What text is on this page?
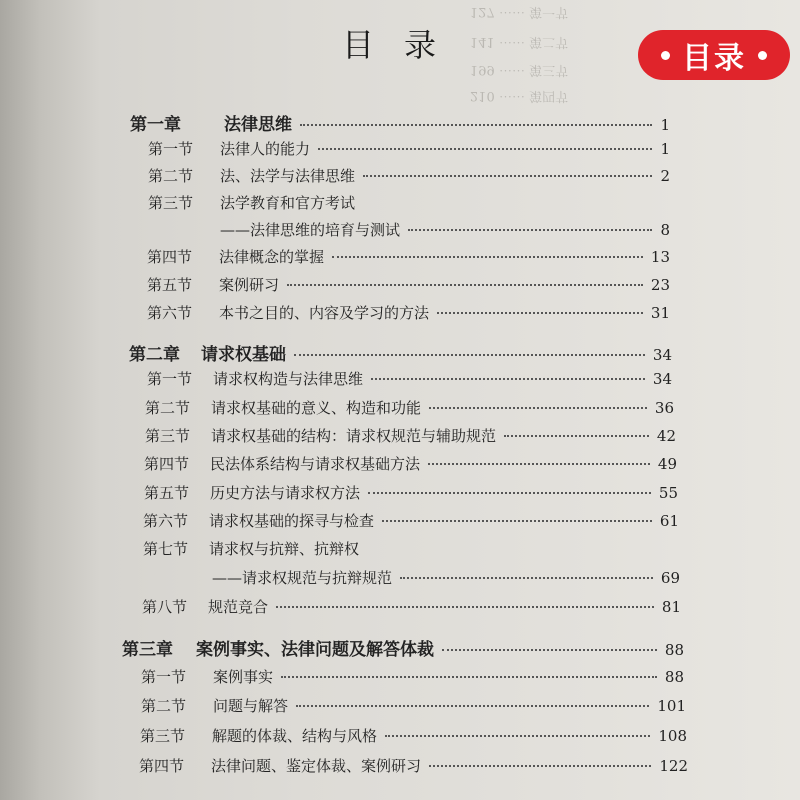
127 ⋯⋯ 第一节
141 ⋯⋯ 第二节
199 ⋯⋯ 第三节
210 ⋯⋯ 第四节
目录	目录
第一章	法律思维	1
第一节	法律人的能力	1
第二节	法、法学与法律思维	2
第三节	法学教育和官方考试
——法律思维的培育与测试	8
第四节	法律概念的掌握	13
第五节	案例研习	23
第六节	本书之目的、内容及学习的方法	31
第二章	请求权基础	34
第一节	请求权构造与法律思维	34
第二节	请求权基础的意义、构造和功能	36
第三节	请求权基础的结构：请求权规范与辅助规范	42
第四节	民法体系结构与请求权基础方法	49
第五节	历史方法与请求权方法	55
第六节	请求权基础的探寻与检查	61
第七节	请求权与抗辩、抗辩权
——请求权规范与抗辩规范	69
第八节	规范竞合	81
第三章	案例事实、法律问题及解答体裁	88
第一节	案例事实	88
第二节	问题与解答	101
第三节	解题的体裁、结构与风格	108
第四节	法律问题、鉴定体裁、案例研习	122
